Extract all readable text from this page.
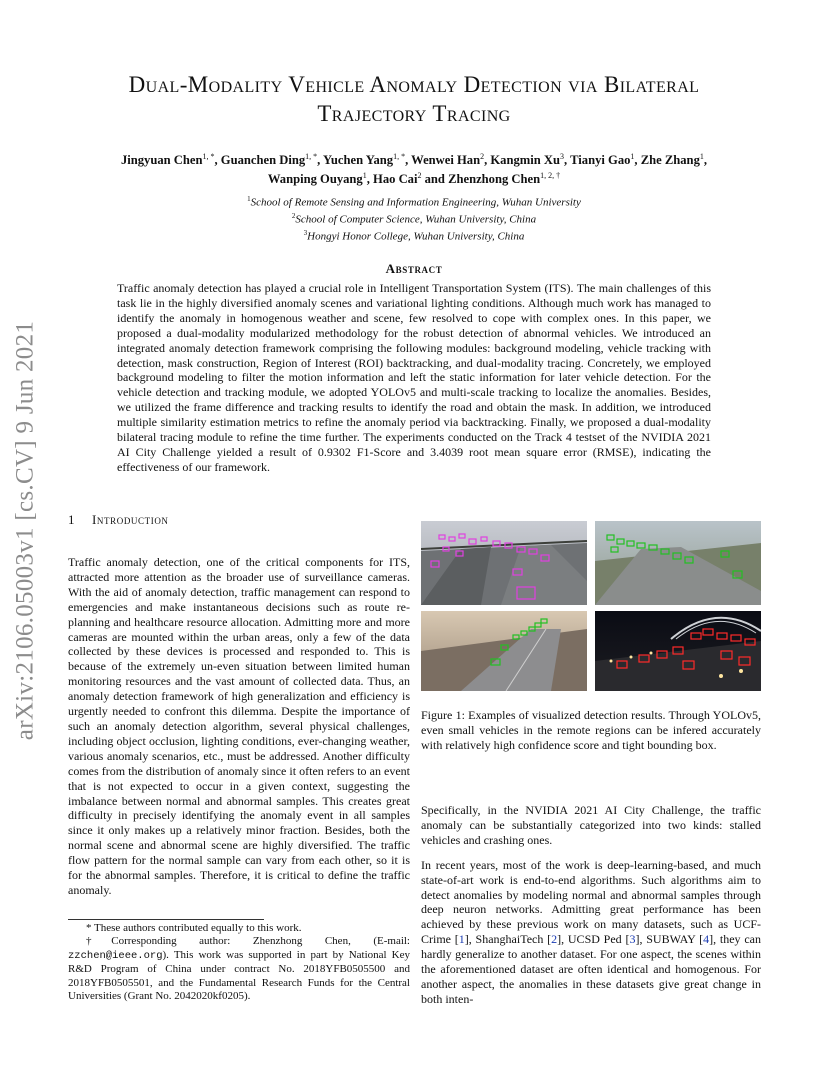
arXiv:2106.05003v1 [cs.CV] 9 Jun 2021
Dual-Modality Vehicle Anomaly Detection via Bilateral
Trajectory Tracing
Jingyuan Chen$^{1, *}$, Guanchen Ding$^{1, *}$, Yuchen Yang$^{1, *}$, Wenwei Han$^2$, Kangmin Xu$^3$, Tianyi Gao$^1$, Zhe Zhang$^1$,
Wanping Ouyang$^1$, Hao Cai$^2$ and Zhenzhong Chen$^{1, 2, \dagger}$
$^1$School of Remote Sensing and Information Engineering, Wuhan University
$^2$School of Computer Science, Wuhan University, China
$^3$Hongyi Honor College, Wuhan University, China
Abstract
Traffic anomaly detection has played a crucial role in Intelligent Transportation System (ITS). The main challenges of this task lie in the highly diversified anomaly scenes and variational lighting conditions. Although much work has managed to identify the anomaly in homogenous weather and scene, few resolved to cope with complex ones. In this paper, we proposed a dual-modality modularized methodology for the robust detection of abnormal vehicles. We introduced an integrated anomaly detection framework comprising the following modules: background modeling, vehicle tracking with detection, mask construction, Region of Interest (ROI) backtracking, and dual-modality tracing. Concretely, we employed background modeling to filter the motion information and left the static information for later vehicle detection. For the vehicle detection and tracking module, we adopted YOLOv5 and multi-scale tracking to localize the anomalies. Besides, we utilized the frame difference and tracking results to identify the road and obtain the mask. In addition, we introduced multiple similarity estimation metrics to refine the anomaly period via backtracking. Finally, we proposed a dual-modality bilateral tracing module to refine the time further. The experiments conducted on the Track 4 testset of the NVIDIA 2021 AI City Challenge yielded a result of 0.9302 F1-Score and 3.4039 root mean square error (RMSE), indicating the effectiveness of our framework.
1 Introduction
Traffic anomaly detection, one of the critical components for ITS, attracted more attention as the broader use of surveillance cameras. With the aid of anomaly detection, traffic management can respond to emergencies and make instantaneous decisions such as route re-planning and healthcare resource allocation. Admitting more and more cameras are mounted within the urban areas, only a few of the data collected by these devices is processed and responded to. This is because of the extremely un-even situation between limited human monitoring resources and the vast amount of collected data. Thus, an anomaly detection framework of high generalization and efficiency is urgently needed to confront this dilemma. Despite the importance of such an anomaly detection algorithm, several physical challenges, including object occlusion, lighting conditions, ever-changing weather, various anomaly scenarios, etc., must be addressed. Another difficulty comes from the distribution of anomaly since it often refers to an event that is not expected to occur in a given context, suggesting the imbalance between normal and abnormal samples. This creates great difficulty in precisely identifying the anomaly event in all samples since it only makes up a relatively minor fraction. Besides, both the normal scene and abnormal scene are highly diversified. The traffic flow pattern for the normal sample can vary from each other, so it is for the abnormal samples. Therefore, it is critical to define the traffic anomaly.

* These authors contributed equally to this work.

†Corresponding author: Zhenzhong Chen, (E-mail: zzchen@ieee.org). This work was supported in part by National Key R&D Program of China under contract No. 2018YFB0505500 and 2018YFB0505501, and the Fundamental Research Funds for the Central Universities (Grant No. 2042020kf0205).

Figure 1: Examples of visualized detection results. Through YOLOv5, even small vehicles in the remote regions can be infered accurately with relatively high confidence score and tight bounding box.

Specifically, in the NVIDIA 2021 AI City Challenge, the traffic anomaly can be substantially categorized into two kinds: stalled vehicles and crashing ones.

In recent years, most of the work is deep-learning-based, and much state-of-art work is end-to-end algorithms. Such algorithms aim to detect anomalies by modeling normal and abnormal samples through deep neuron networks. Admitting great performance has been achieved by these previous work on many datasets, such as UCF-Crime [1], ShanghaiTech [2], UCSD Ped [3], SUBWAY [4], they can hardly generalize to another dataset. For one aspect, the scenes within the aforementioned dataset are often identical and homogenous. For another aspect, the anomalies in these datasets give great change in both inten-
